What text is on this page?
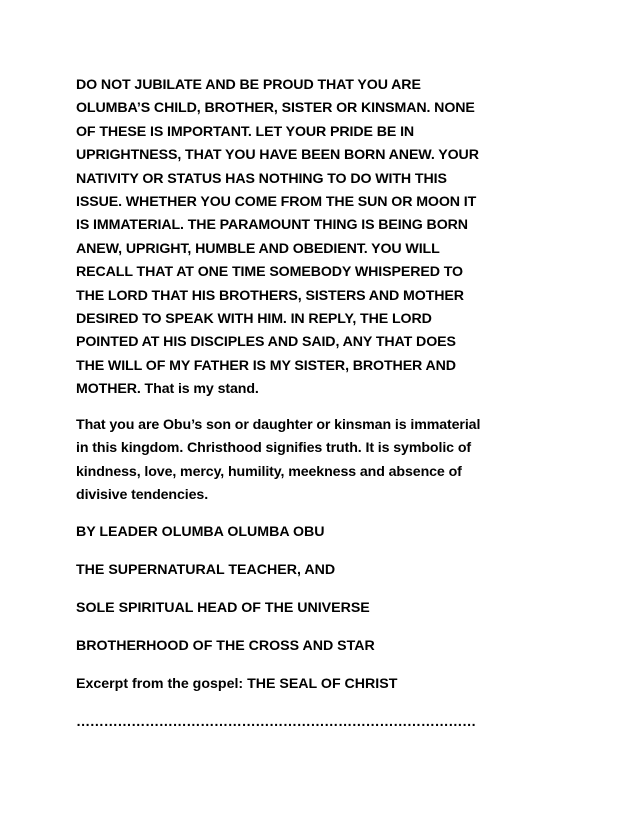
DO NOT JUBILATE AND BE PROUD THAT YOU ARE
OLUMBA’S CHILD, BROTHER, SISTER OR KINSMAN. NONE
OF THESE IS IMPORTANT. LET YOUR PRIDE BE IN
UPRIGHTNESS, THAT YOU HAVE BEEN BORN ANEW. YOUR
NATIVITY OR STATUS HAS NOTHING TO DO WITH THIS
ISSUE. WHETHER YOU COME FROM THE SUN OR MOON IT
IS IMMATERIAL. THE PARAMOUNT THING IS BEING BORN
ANEW, UPRIGHT, HUMBLE AND OBEDIENT. YOU WILL
RECALL THAT AT ONE TIME SOMEBODY WHISPERED TO
THE LORD THAT HIS BROTHERS, SISTERS AND MOTHER
DESIRED TO SPEAK WITH HIM. IN REPLY, THE LORD
POINTED AT HIS DISCIPLES AND SAID, ANY THAT DOES
THE WILL OF MY FATHER IS MY SISTER, BROTHER AND
MOTHER. That is my stand.

That you are Obu’s son or daughter or kinsman is immaterial
in this kingdom. Christhood signifies truth. It is symbolic of
kindness, love, mercy, humility, meekness and absence of
divisive tendencies.

BY LEADER OLUMBA OLUMBA OBU

THE SUPERNATURAL TEACHER, AND

SOLE SPIRITUAL HEAD OF THE UNIVERSE

BROTHERHOOD OF THE CROSS AND STAR

Excerpt from the gospel: THE SEAL OF CHRIST

……………………………………………………………………………
